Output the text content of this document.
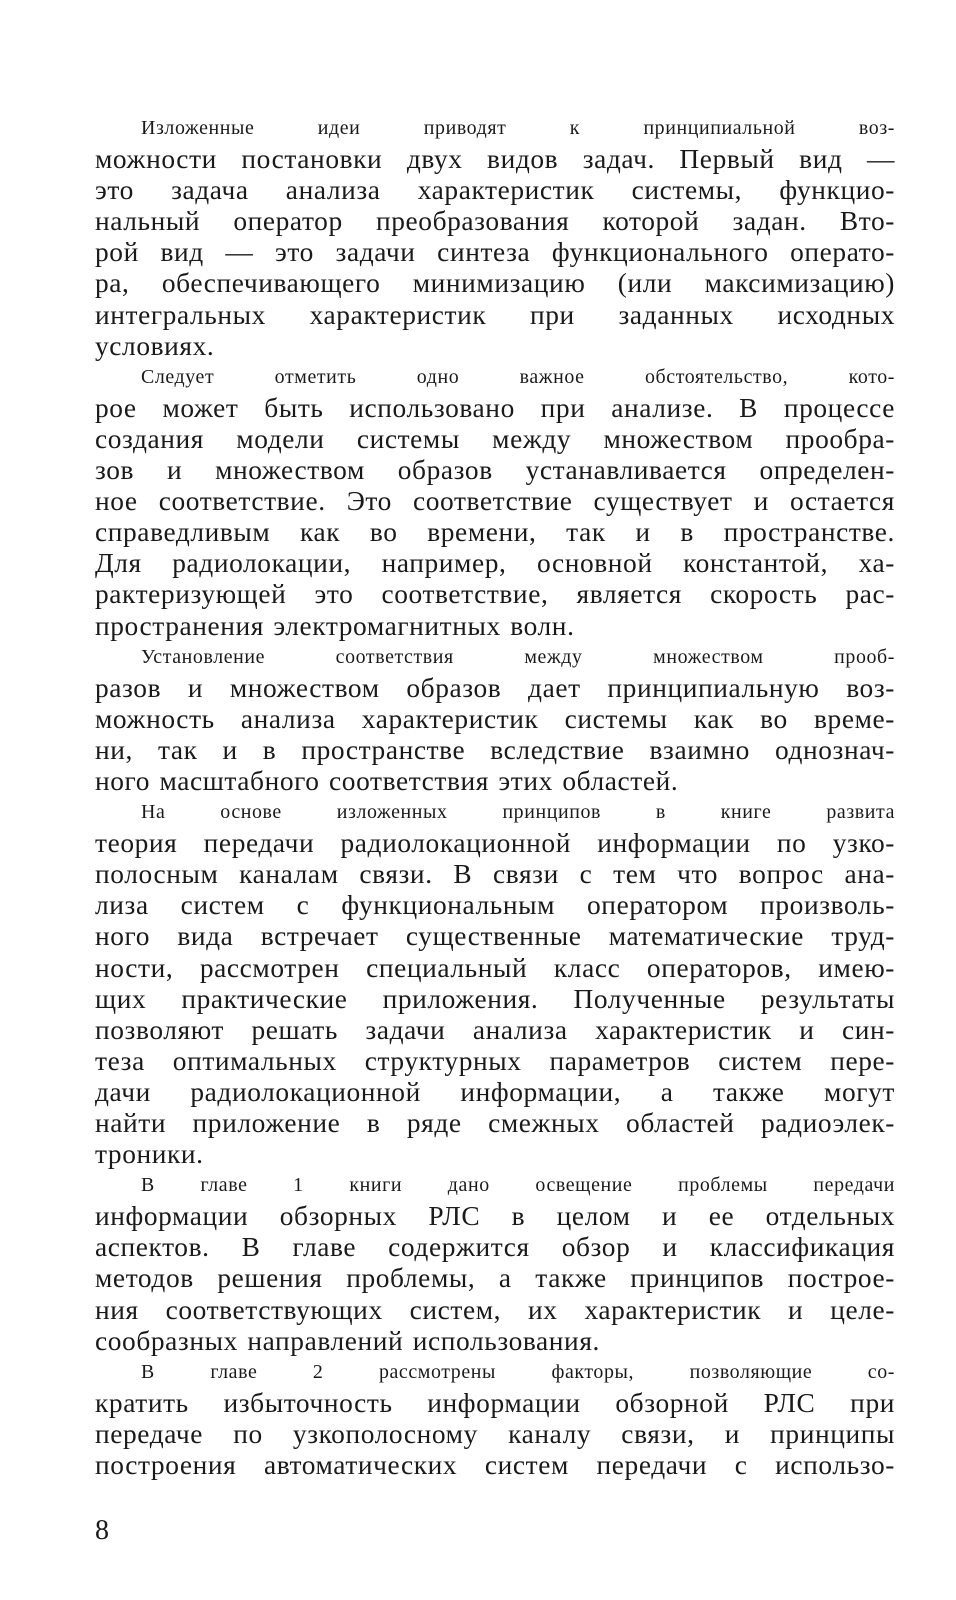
Изложенные идеи приводят к принципиальной воз-
можности постановки двух видов задач. Первый вид —
это задача анализа характеристик системы, функцио-
нальный оператор преобразования которой задан. Вто-
рой вид — это задачи синтеза функционального операто-
ра, обеспечивающего минимизацию (или максимизацию)
интегральных характеристик при заданных исходных
условиях.
Следует отметить одно важное обстоятельство, кото-
рое может быть использовано при анализе. В процессе
создания модели системы между множеством прообра-
зов и множеством образов устанавливается определен-
ное соответствие. Это соответствие существует и остается
справедливым как во времени, так и в пространстве.
Для радиолокации, например, основной константой, ха-
рактеризующей это соответствие, является скорость рас-
пространения электромагнитных волн.
Установление соответствия между множеством прооб-
разов и множеством образов дает принципиальную воз-
можность анализа характеристик системы как во време-
ни, так и в пространстве вследствие взаимно однознач-
ного масштабного соответствия этих областей.
На основе изложенных принципов в книге развита
теория передачи радиолокационной информации по узко-
полосным каналам связи. В связи с тем что вопрос ана-
лиза систем с функциональным оператором произволь-
ного вида встречает существенные математические труд-
ности, рассмотрен специальный класс операторов, имею-
щих практические приложения. Полученные результаты
позволяют решать задачи анализа характеристик и син-
теза оптимальных структурных параметров систем пере-
дачи радиолокационной информации, а также могут
найти приложение в ряде смежных областей радиоэлек-
троники.
В главе 1 книги дано освещение проблемы передачи
информации обзорных РЛС в целом и ее отдельных
аспектов. В главе содержится обзор и классификация
методов решения проблемы, а также принципов построе-
ния соответствующих систем, их характеристик и целе-
сообразных направлений использования.
В главе 2 рассмотрены факторы, позволяющие со-
кратить избыточность информации обзорной РЛС при
передаче по узкополосному каналу связи, и принципы
построения автоматических систем передачи с использо-
8
